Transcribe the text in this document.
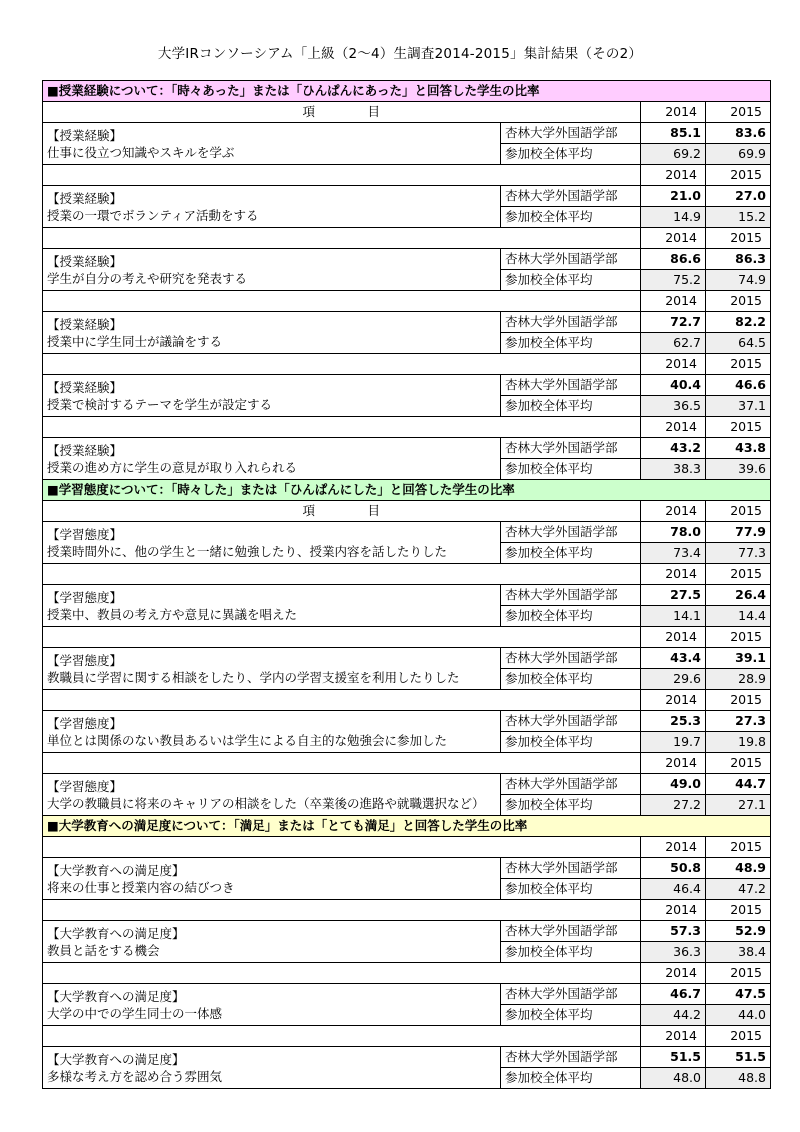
大学IRコンソーシアム「上級（2～4）生調査2014-2015」集計結果（その2）
■授業経験について：「時々あった」または「ひんぱんにあった」と回答した学生の比率			
項　　　　目		2014	2015

【授業経験】
仕事に役立つ知識やスキルを学ぶ	杏林大学外国語学部	85.1	83.6
	参加校全体平均	69.2	69.9
		2014	2015

【授業経験】
授業の一環でボランティア活動をする	杏林大学外国語学部	21.0	27.0
	参加校全体平均	14.9	15.2
		2014	2015

【授業経験】
学生が自分の考えや研究を発表する	杏林大学外国語学部	86.6	86.3
	参加校全体平均	75.2	74.9
		2014	2015

【授業経験】
授業中に学生同士が議論をする	杏林大学外国語学部	72.7	82.2
	参加校全体平均	62.7	64.5
		2014	2015

【授業経験】
授業で検討するテーマを学生が設定する	杏林大学外国語学部	40.4	46.6
	参加校全体平均	36.5	37.1
		2014	2015

【授業経験】
授業の進め方に学生の意見が取り入れられる	杏林大学外国語学部	43.2	43.8
	参加校全体平均	38.3	39.6
■学習態度について：「時々した」または「ひんぱんにした」と回答した学生の比率			
項　　　　目		2014	2015

【学習態度】
授業時間外に、他の学生と一緒に勉強したり、授業内容を話したりした	杏林大学外国語学部	78.0	77.9
	参加校全体平均	73.4	77.3
		2014	2015

【学習態度】
授業中、教員の考え方や意見に異議を唱えた	杏林大学外国語学部	27.5	26.4
	参加校全体平均	14.1	14.4
		2014	2015

【学習態度】
教職員に学習に関する相談をしたり、学内の学習支援室を利用したりした	杏林大学外国語学部	43.4	39.1
	参加校全体平均	29.6	28.9
		2014	2015

【学習態度】
単位とは関係のない教員あるいは学生による自主的な勉強会に参加した	杏林大学外国語学部	25.3	27.3
	参加校全体平均	19.7	19.8
		2014	2015

【学習態度】
大学の教職員に将来のキャリアの相談をした（卒業後の進路や就職選択など）	杏林大学外国語学部	49.0	44.7
	参加校全体平均	27.2	27.1
■大学教育への満足度について：「満足」または「とても満足」と回答した学生の比率			
		2014	2015

【大学教育への満足度】
将来の仕事と授業内容の結びつき	杏林大学外国語学部	50.8	48.9
	参加校全体平均	46.4	47.2
		2014	2015

【大学教育への満足度】
教員と話をする機会	杏林大学外国語学部	57.3	52.9
	参加校全体平均	36.3	38.4
		2014	2015

【大学教育への満足度】
大学の中での学生同士の一体感	杏林大学外国語学部	46.7	47.5
	参加校全体平均	44.2	44.0
		2014	2015

【大学教育への満足度】
多様な考え方を認め合う雰囲気	杏林大学外国語学部	51.5	51.5
	参加校全体平均	48.0	48.8
